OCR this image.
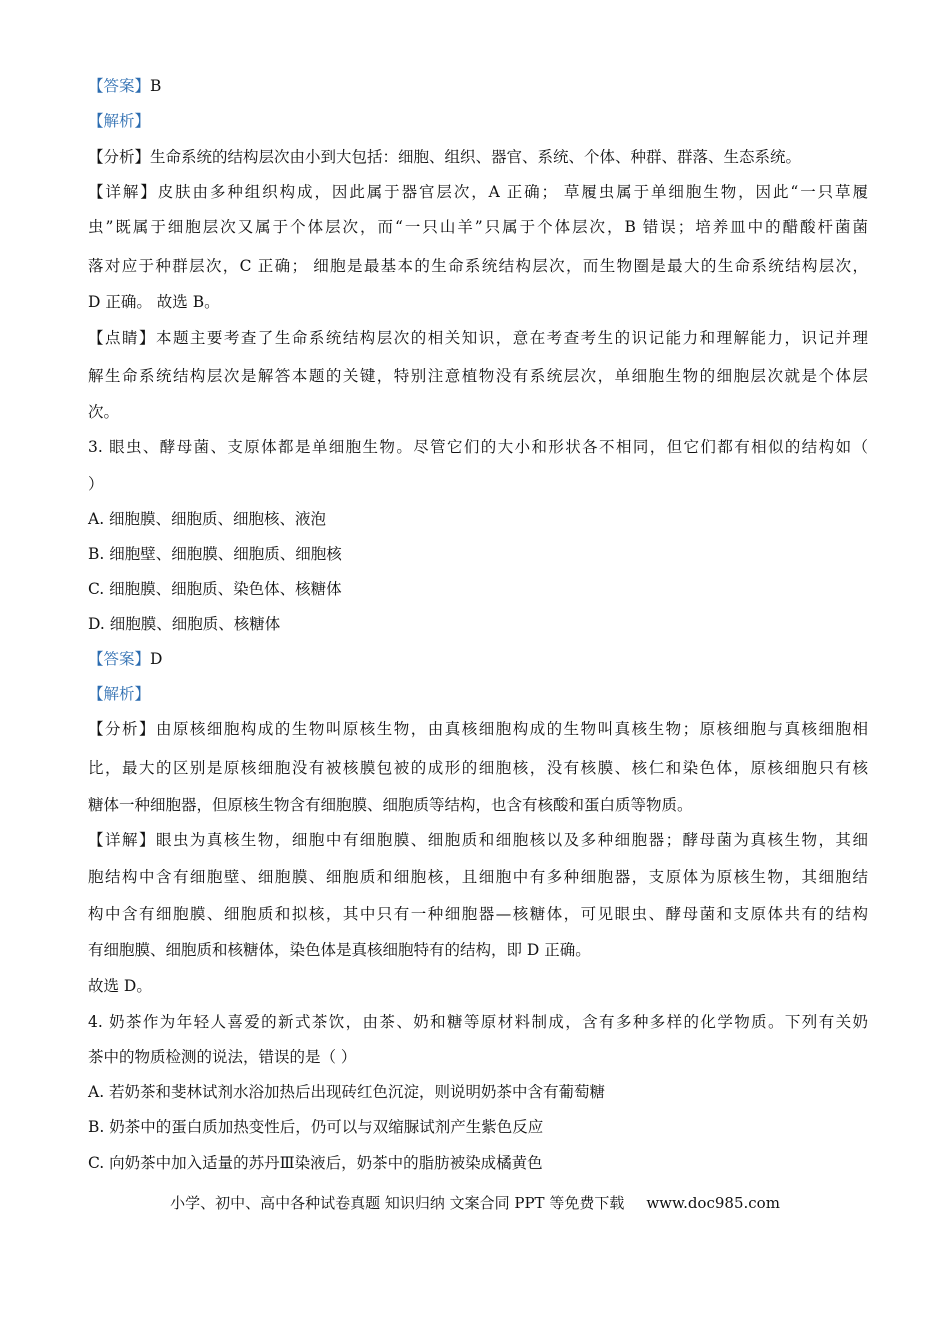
【答案】B
【解析】
【分析】生命系统的结构层次由小到大包括：细胞、组织、器官、系统、个体、种群、群落、生态系统。
【详解】皮肤由多种组织构成，因此属于器官层次，A 正确； 草履虫属于单细胞生物，因此“一只草履
虫”既属于细胞层次又属于个体层次，而“一只山羊”只属于个体层次，B 错误；培养皿中的醋酸杆菌菌
落对应于种群层次，C 正确； 细胞是最基本的生命系统结构层次，而生物圈是最大的生命系统结构层次，
D 正确。 故选 B。
【点睛】本题主要考查了生命系统结构层次的相关知识，意在考查考生的识记能力和理解能力，识记并理
解生命系统结构层次是解答本题的关键，特别注意植物没有系统层次，单细胞生物的细胞层次就是个体层
次。
3. 眼虫、酵母菌、支原体都是单细胞生物。尽管它们的大小和形状各不相同，但它们都有相似的结构如（
）
A. 细胞膜、细胞质、细胞核、液泡
B. 细胞壁、细胞膜、细胞质、细胞核
C. 细胞膜、细胞质、染色体、核糖体
D. 细胞膜、细胞质、核糖体
【答案】D
【解析】
【分析】由原核细胞构成的生物叫原核生物，由真核细胞构成的生物叫真核生物；原核细胞与真核细胞相
比，最大的区别是原核细胞没有被核膜包被的成形的细胞核，没有核膜、核仁和染色体，原核细胞只有核
糖体一种细胞器，但原核生物含有细胞膜、细胞质等结构，也含有核酸和蛋白质等物质。
【详解】眼虫为真核生物，细胞中有细胞膜、细胞质和细胞核以及多种细胞器；酵母菌为真核生物，其细
胞结构中含有细胞壁、细胞膜、细胞质和细胞核，且细胞中有多种细胞器，支原体为原核生物，其细胞结
构中含有细胞膜、细胞质和拟核，其中只有一种细胞器—核糖体，可见眼虫、酵母菌和支原体共有的结构
有细胞膜、细胞质和核糖体，染色体是真核细胞特有的结构，即 D 正确。
故选 D。
4. 奶茶作为年轻人喜爱的新式茶饮，由茶、奶和糖等原材料制成，含有多种多样的化学物质。下列有关奶
茶中的物质检测的说法，错误的是（ ）
A. 若奶茶和斐林试剂水浴加热后出现砖红色沉淀，则说明奶茶中含有葡萄糖
B. 奶茶中的蛋白质加热变性后，仍可以与双缩脲试剂产生紫色反应
C. 向奶茶中加入适量的苏丹Ⅲ染液后，奶茶中的脂肪被染成橘黄色
小学、初中、高中各种试卷真题 知识归纳 文案合同 PPT 等免费下载 www.doc985.com
